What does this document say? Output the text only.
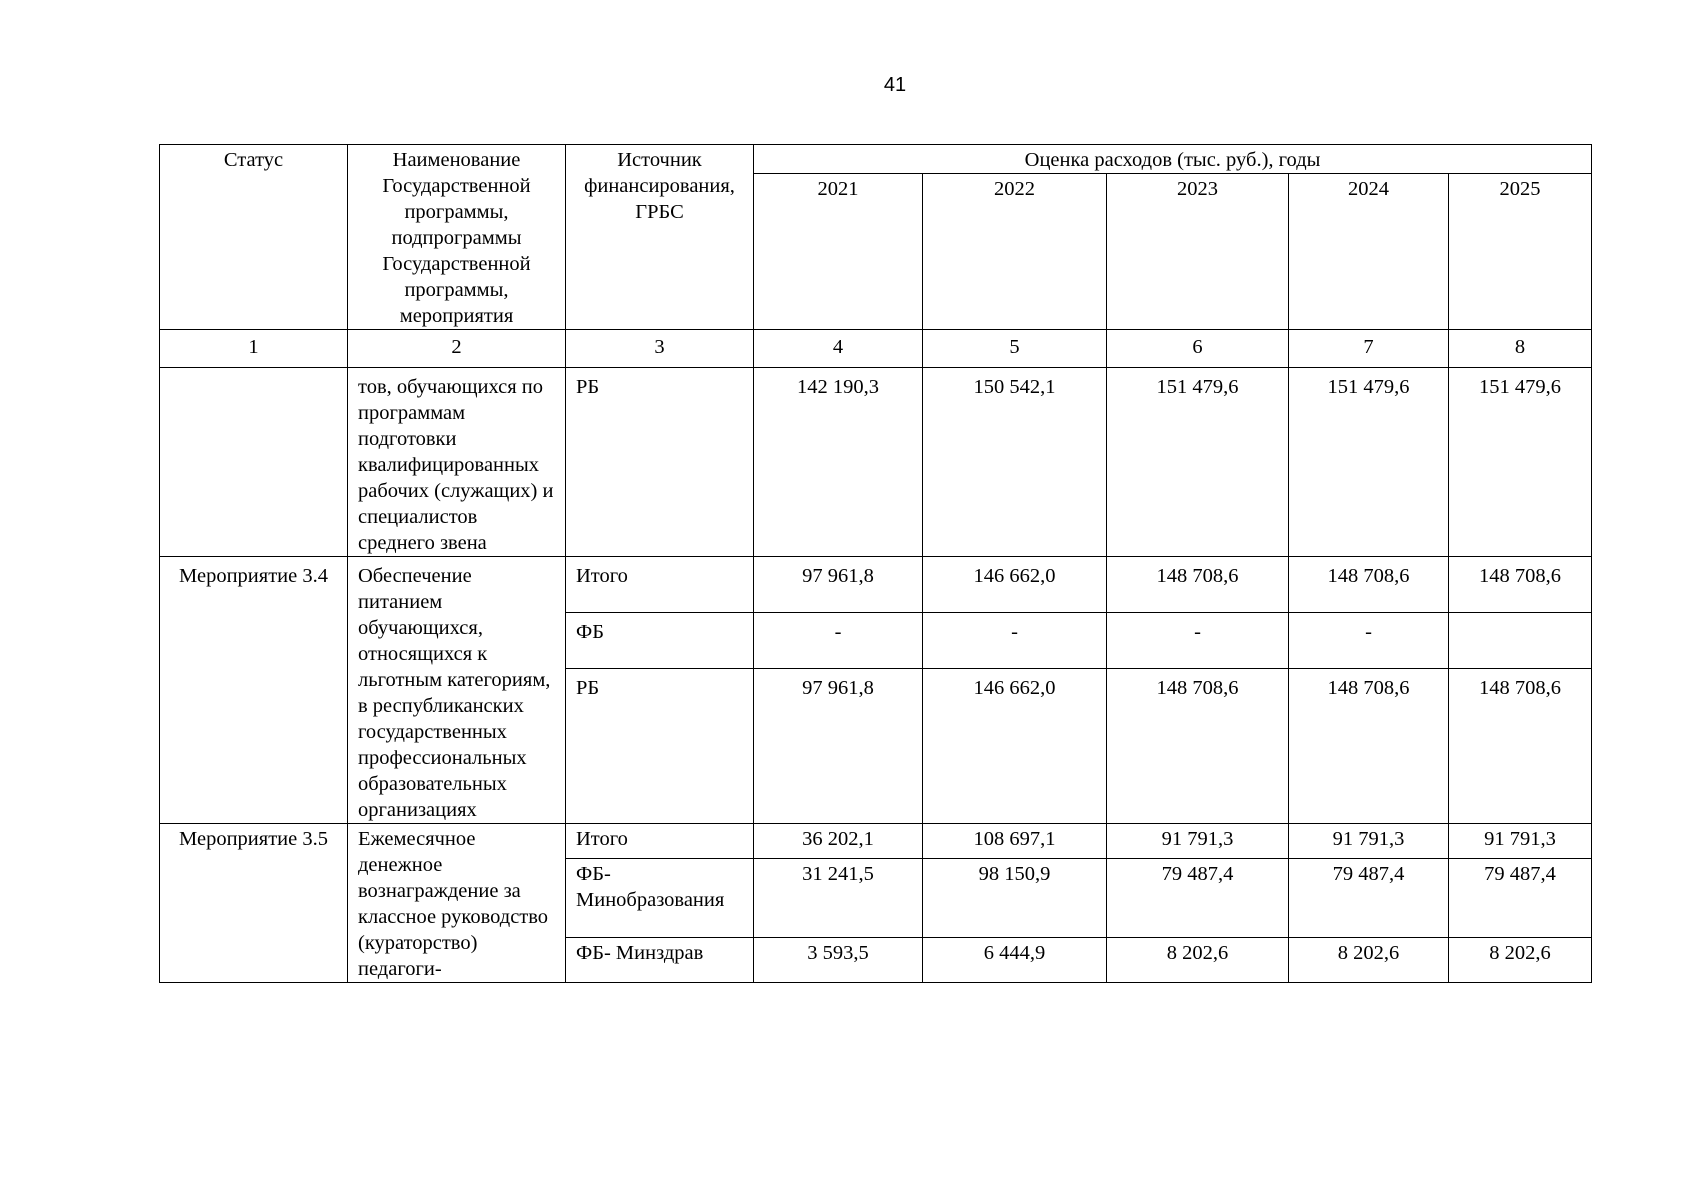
41
Статус	Наименование Государственной программы, подпрограммы Государственной программы, мероприятия	Источник финансирования, ГРБС	Оценка расходов (тыс. руб.), годы				
			2021	2022	2023	2024	2025
1	2	3	4	5	6	7	8
	тов, обучающихся по программам подготовки квалифицированных рабочих (служащих) и специалистов среднего звена	РБ	142 190,3	150 542,1	151 479,6	151 479,6	151 479,6
Мероприятие 3.4	Обеспечение питанием обучающихся, относящихся к льготным категориям, в республиканских государственных профессиональных образовательных организациях	Итого	97 961,8	146 662,0	148 708,6	148 708,6	148 708,6
		ФБ	-	-	-	-	
		РБ	97 961,8	146 662,0	148 708,6	148 708,6	148 708,6
Мероприятие 3.5	Ежемесячное денежное вознаграждение за классное руководство (кураторство) педагоги-	Итого	36 202,1	108 697,1	91 791,3	91 791,3	91 791,3
		ФБ- Минобразования	31 241,5	98 150,9	79 487,4	79 487,4	79 487,4
		ФБ- Минздрав	3 593,5	6 444,9	8 202,6	8 202,6	8 202,6
